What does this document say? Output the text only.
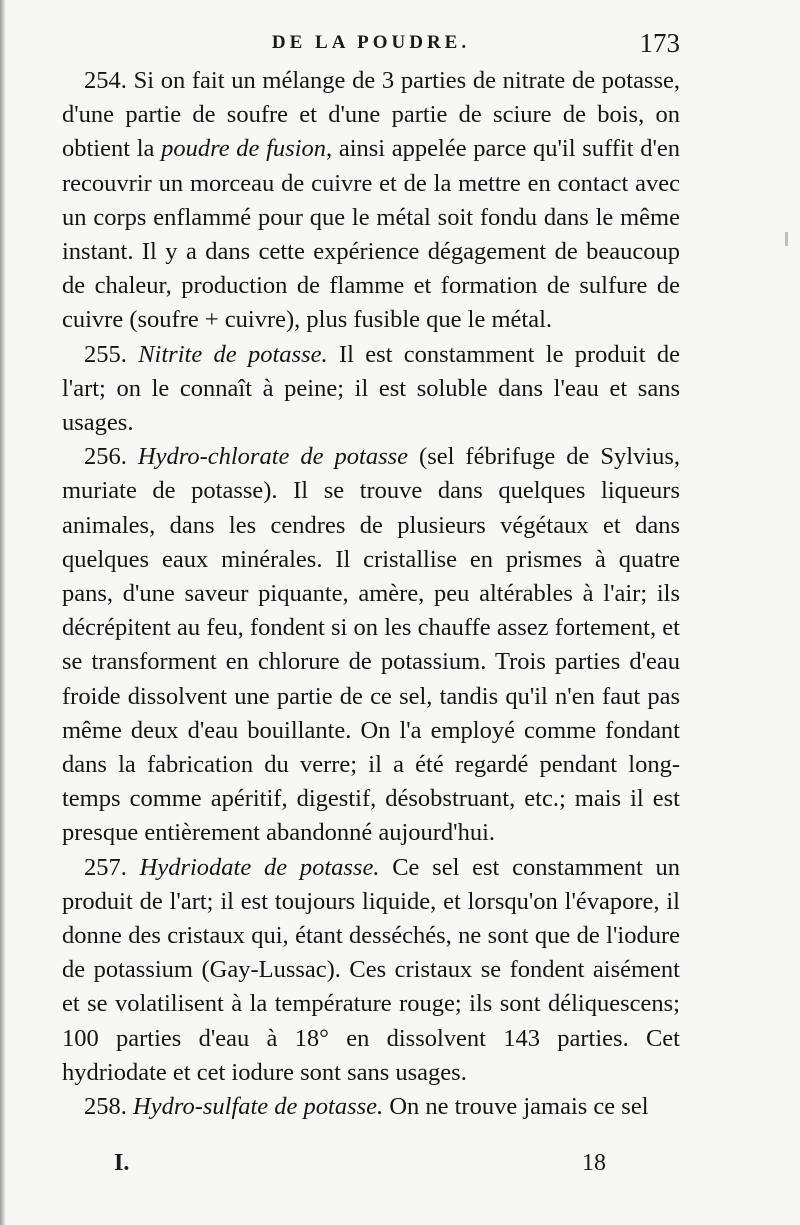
DE LA POUDRE.	173

254. Si on fait un mélange de 3 parties de nitrate de potasse, d'une partie de soufre et d'une partie de sciure de bois, on obtient la poudre de fusion, ainsi appelée parce qu'il suffit d'en recouvrir un morceau de cuivre et de la mettre en contact avec un corps enflammé pour que le métal soit fondu dans le même instant. Il y a dans cette expérience dégagement de beaucoup de chaleur, production de flamme et formation de sulfure de cuivre (soufre + cuivre), plus fusible que le métal.

255. Nitrite de potasse. Il est constamment le produit de l'art; on le connaît à peine; il est soluble dans l'eau et sans usages.

256. Hydro-chlorate de potasse (sel fébrifuge de Sylvius, muriate de potasse). Il se trouve dans quelques liqueurs animales, dans les cendres de plusieurs végétaux et dans quelques eaux minérales. Il cristallise en prismes à quatre pans, d'une saveur piquante, amère, peu altérables à l'air; ils décrépitent au feu, fondent si on les chauffe assez fortement, et se transforment en chlorure de potassium. Trois parties d'eau froide dissolvent une partie de ce sel, tandis qu'il n'en faut pas même deux d'eau bouillante. On l'a employé comme fondant dans la fabrication du verre; il a été regardé pendant long-temps comme apéritif, digestif, désobstruant, etc.; mais il est presque entièrement abandonné aujourd'hui.

257. Hydriodate de potasse. Ce sel est constamment un produit de l'art; il est toujours liquide, et lorsqu'on l'évapore, il donne des cristaux qui, étant desséchés, ne sont que de l'iodure de potassium (Gay-Lussac). Ces cristaux se fondent aisément et se volatilisent à la température rouge; ils sont déliquescens; 100 parties d'eau à 18° en dissolvent 143 parties. Cet hydriodate et cet iodure sont sans usages.

258. Hydro-sulfate de potasse. On ne trouve jamais ce sel

I.	18
